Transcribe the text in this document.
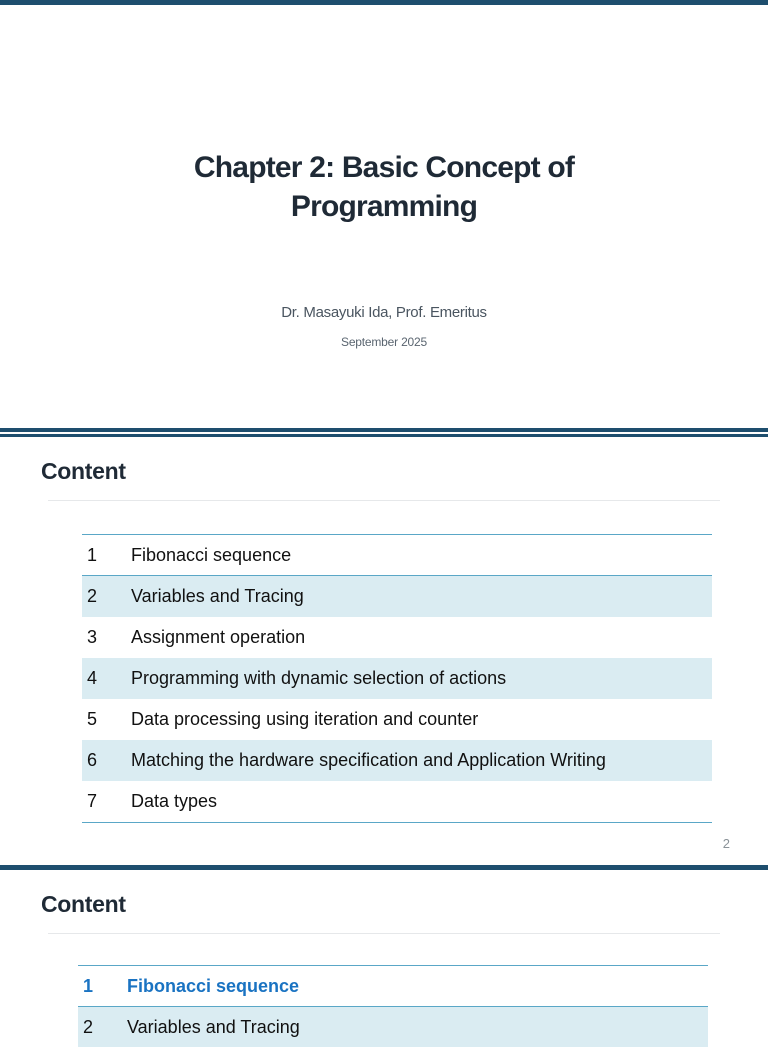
Chapter 2: Basic Concept of
Programming
Dr. Masayuki Ida, Prof. Emeritus
September 2025
Content
1 Fibonacci sequence
2 Variables and Tracing
3 Assignment operation
4 Programming with dynamic selection of actions
5 Data processing using iteration and counter
6 Matching the hardware specification and Application Writing
7 Data types
2
Content
1 Fibonacci sequence
2 Variables and Tracing
